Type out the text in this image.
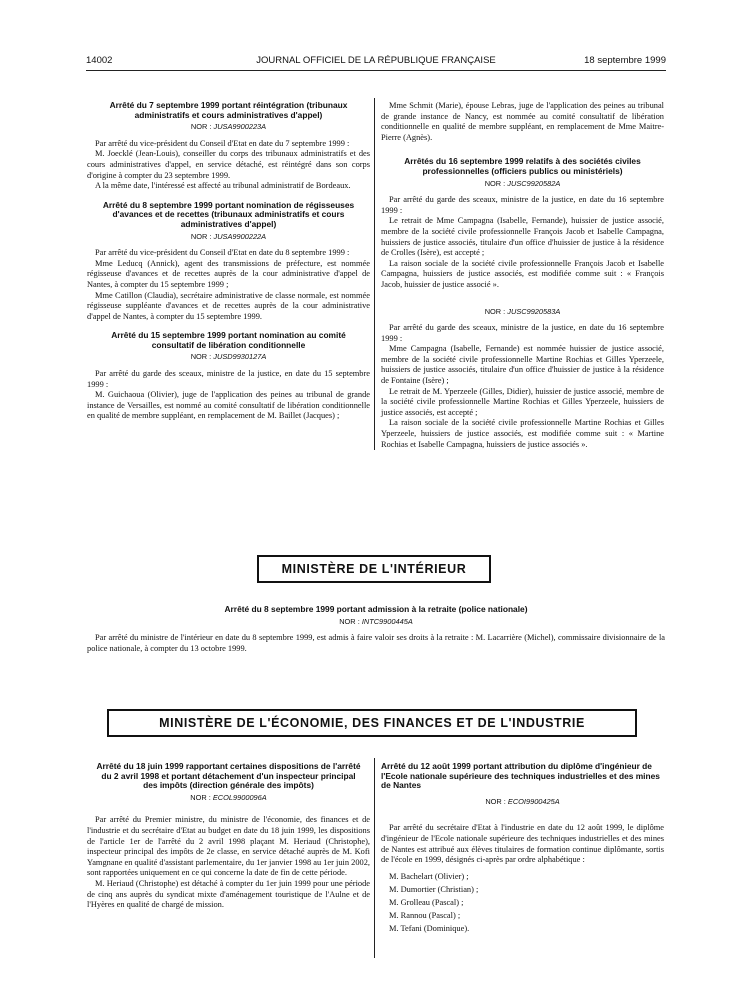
14002	JOURNAL OFFICIEL DE LA RÉPUBLIQUE FRANÇAISE	18 septembre 1999
Arrêté du 7 septembre 1999 portant réintégration (tribunaux administratifs et cours administratives d'appel)
NOR : JUSA9900223A

Par arrêté du vice-président du Conseil d'Etat en date du 7 septembre 1999 :

M. Joecklé (Jean-Louis), conseiller du corps des tribunaux administratifs et des cours administratives d'appel, en service détaché, est réintégré dans son corps d'origine à compter du 23 septembre 1999.

A la même date, l'intéressé est affecté au tribunal administratif de Bordeaux.

Arrêté du 8 septembre 1999 portant nomination de régisseuses d'avances et de recettes (tribunaux administratifs et cours administratives d'appel)
NOR : JUSA9900222A

Par arrêté du vice-président du Conseil d'Etat en date du 8 septembre 1999 :

Mme Leducq (Annick), agent des transmissions de préfecture, est nommée régisseuse d'avances et de recettes auprès de la cour administrative d'appel de Nantes, à compter du 15 septembre 1999 ;

Mme Catillon (Claudia), secrétaire administrative de classe normale, est nommée régisseuse suppléante d'avances et de recettes auprès de la cour administrative d'appel de Nantes, à compter du 15 septembre 1999.

Arrêté du 15 septembre 1999 portant nomination au comité consultatif de libération conditionnelle
NOR : JUSD9930127A

Par arrêté du garde des sceaux, ministre de la justice, en date du 15 septembre 1999 :

M. Guichaoua (Olivier), juge de l'application des peines au tribunal de grande instance de Versailles, est nommé au comité consultatif de libération conditionnelle en qualité de membre suppléant, en remplacement de M. Baillet (Jacques) ;

Mme Schmit (Marie), épouse Lebras, juge de l'application des peines au tribunal de grande instance de Nancy, est nommée au comité consultatif de libération conditionnelle en qualité de membre suppléant, en remplacement de Mme Maitre-Pierre (Agnès).

Arrêtés du 16 septembre 1999 relatifs à des sociétés civiles professionnelles (officiers publics ou ministériels)
NOR : JUSC9920582A

Par arrêté du garde des sceaux, ministre de la justice, en date du 16 septembre 1999 :

Le retrait de Mme Campagna (Isabelle, Fernande), huissier de justice associé, membre de la société civile professionnelle François Jacob et Isabelle Campagna, huissiers de justice associés, titulaire d'un office d'huissier de justice à la résidence de Crolles (Isère), est accepté ;

La raison sociale de la société civile professionnelle François Jacob et Isabelle Campagna, huissiers de justice associés, est modifiée comme suit : « François Jacob, huissier de justice associé ».

NOR : JUSC9920583A

Par arrêté du garde des sceaux, ministre de la justice, en date du 16 septembre 1999 :

Mme Campagna (Isabelle, Fernande) est nommée huissier de justice associé, membre de la société civile professionnelle Martine Rochias et Gilles Yperzeele, huissiers de justice associés, titulaire d'un office d'huissier de justice à la résidence de Fontaine (Isère) ;

Le retrait de M. Yperzeele (Gilles, Didier), huissier de justice associé, membre de la société civile professionnelle Martine Rochias et Gilles Yperzeele, huissiers de justice associés, est accepté ;

La raison sociale de la société civile professionnelle Martine Rochias et Gilles Yperzeele, huissiers de justice associés, est modifiée comme suit : « Martine Rochias et Isabelle Campagna, huissiers de justice associés ».

MINISTÈRE DE L'INTÉRIEUR
Arrêté du 8 septembre 1999 portant admission à la retraite (police nationale)
NOR : INTC9900445A

Par arrêté du ministre de l'intérieur en date du 8 septembre 1999, est admis à faire valoir ses droits à la retraite : M. Lacarrière (Michel), commissaire divisionnaire de la police nationale, à compter du 13 octobre 1999.

MINISTÈRE DE L'ÉCONOMIE, DES FINANCES ET DE L'INDUSTRIE
Arrêté du 18 juin 1999 rapportant certaines dispositions de l'arrêté du 2 avril 1998 et portant détachement d'un inspecteur principal des impôts (direction générale des impôts)
NOR : ECOL9900096A

Par arrêté du Premier ministre, du ministre de l'économie, des finances et de l'industrie et du secrétaire d'Etat au budget en date du 18 juin 1999, les dispositions de l'article 1er de l'arrêté du 2 avril 1998 plaçant M. Heriaud (Christophe), inspecteur principal des impôts de 2e classe, en service détaché auprès de M. Kofi Yamgnane en qualité d'assistant parlementaire, du 1er janvier 1998 au 1er juin 2002, sont rapportées uniquement en ce qui concerne la date de fin de cette période.

M. Heriaud (Christophe) est détaché à compter du 1er juin 1999 pour une période de cinq ans auprès du syndicat mixte d'aménagement touristique de l'Aulne et de l'Hyères en qualité de chargé de mission.

Arrêté du 12 août 1999 portant attribution du diplôme d'ingénieur de l'Ecole nationale supérieure des techniques industrielles et des mines de Nantes
NOR : ECOI9900425A

Par arrêté du secrétaire d'Etat à l'industrie en date du 12 août 1999, le diplôme d'ingénieur de l'Ecole nationale supérieure des techniques industrielles et des mines de Nantes est attribué aux élèves titulaires de formation continue diplômante, sortis de l'école en 1999, désignés ci-après par ordre alphabétique :

M. Bachelart (Olivier) ;
M. Dumortier (Christian) ;
M. Grolleau (Pascal) ;
M. Rannou (Pascal) ;
M. Tefani (Dominique).
